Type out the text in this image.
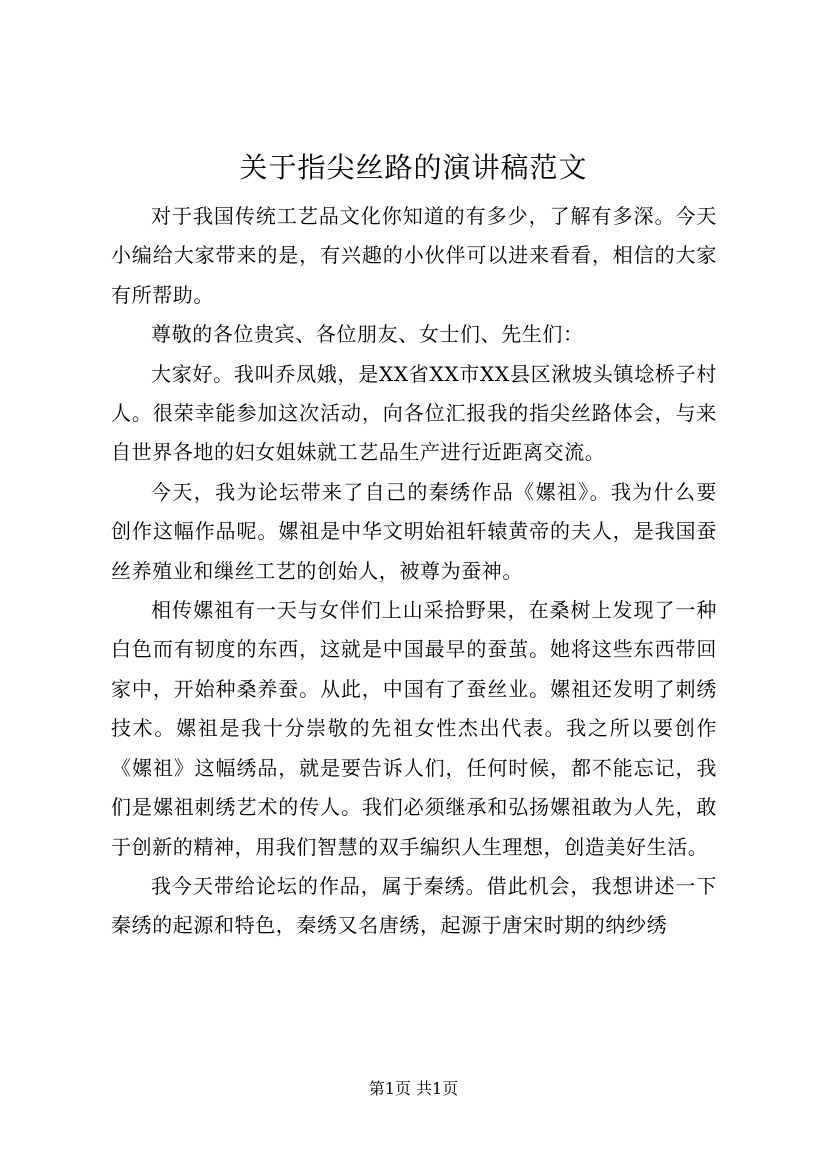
关于指尖丝路的演讲稿范文

对于我国传统工艺品文化你知道的有多少，了解有多深。今天小编给大家带来的是，有兴趣的小伙伴可以进来看看，相信的大家有所帮助。

尊敬的各位贵宾、各位朋友、女士们、先生们：

大家好。我叫乔凤娥，是XX省XX市XX县区湫坡头镇埝桥子村人。很荣幸能参加这次活动，向各位汇报我的指尖丝路体会，与来自世界各地的妇女姐妹就工艺品生产进行近距离交流。

今天，我为论坛带来了自己的秦绣作品《嫘祖》。我为什么要创作这幅作品呢。嫘祖是中华文明始祖轩辕黄帝的夫人，是我国蚕丝养殖业和缫丝工艺的创始人，被尊为蚕神。

相传嫘祖有一天与女伴们上山采拾野果，在桑树上发现了一种白色而有韧度的东西，这就是中国最早的蚕茧。她将这些东西带回家中，开始种桑养蚕。从此，中国有了蚕丝业。嫘祖还发明了刺绣技术。嫘祖是我十分崇敬的先祖女性杰出代表。我之所以要创作《嫘祖》这幅绣品，就是要告诉人们，任何时候，都不能忘记，我们是嫘祖刺绣艺术的传人。我们必须继承和弘扬嫘祖敢为人先，敢于创新的精神，用我们智慧的双手编织人生理想，创造美好生活。

我今天带给论坛的作品，属于秦绣。借此机会，我想讲述一下秦绣的起源和特色，秦绣又名唐绣，起源于唐宋时期的纳纱绣

第1页 共1页
